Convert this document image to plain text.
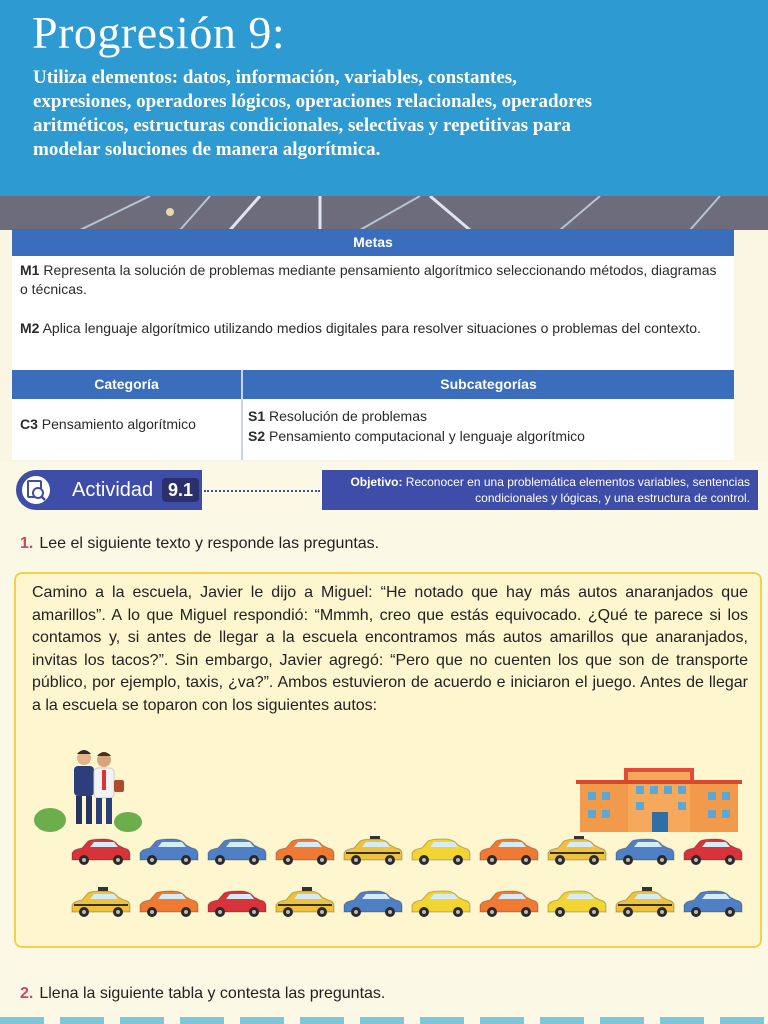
Progresión 9:

Utiliza elementos: datos, información, variables, constantes, expresiones, operadores lógicos, operaciones relacionales, operadores aritméticos, estructuras condicionales, selectivas y repetitivas para modelar soluciones de manera algorítmica.

Metas
M1 Representa la solución de problemas mediante pensamiento algorítmico seleccionando métodos, diagramas o técnicas.
M2 Aplica lenguaje algorítmico utilizando medios digitales para resolver situaciones o problemas del contexto.
Categoría	Subcategorías
C3 Pensamiento algorítmico	S1 Resolución de problemas
S2 Pensamiento computacional y lenguaje algorítmico
Actividad 9.1	Objetivo: Reconocer en una problemática elementos variables, sentencias condicionales y lógicas, y una estructura de control.
1. Lee el siguiente texto y responde las preguntas.

Camino a la escuela, Javier le dijo a Miguel: “He notado que hay más autos anaranjados que amarillos”. A lo que Miguel respondió: “Mmmh, creo que estás equivocado. ¿Qué te parece si los contamos y, si antes de llegar a la escuela encontramos más autos amarillos que anaranjados, invitas los tacos?”. Sin embargo, Javier agregó: “Pero que no cuenten los que son de transporte público, por ejemplo, taxis, ¿va?”. Ambos estuvieron de acuerdo e iniciaron el juego. Antes de llegar a la escuela se toparon con los siguientes autos:

2. Llena la siguiente tabla y contesta las preguntas.
